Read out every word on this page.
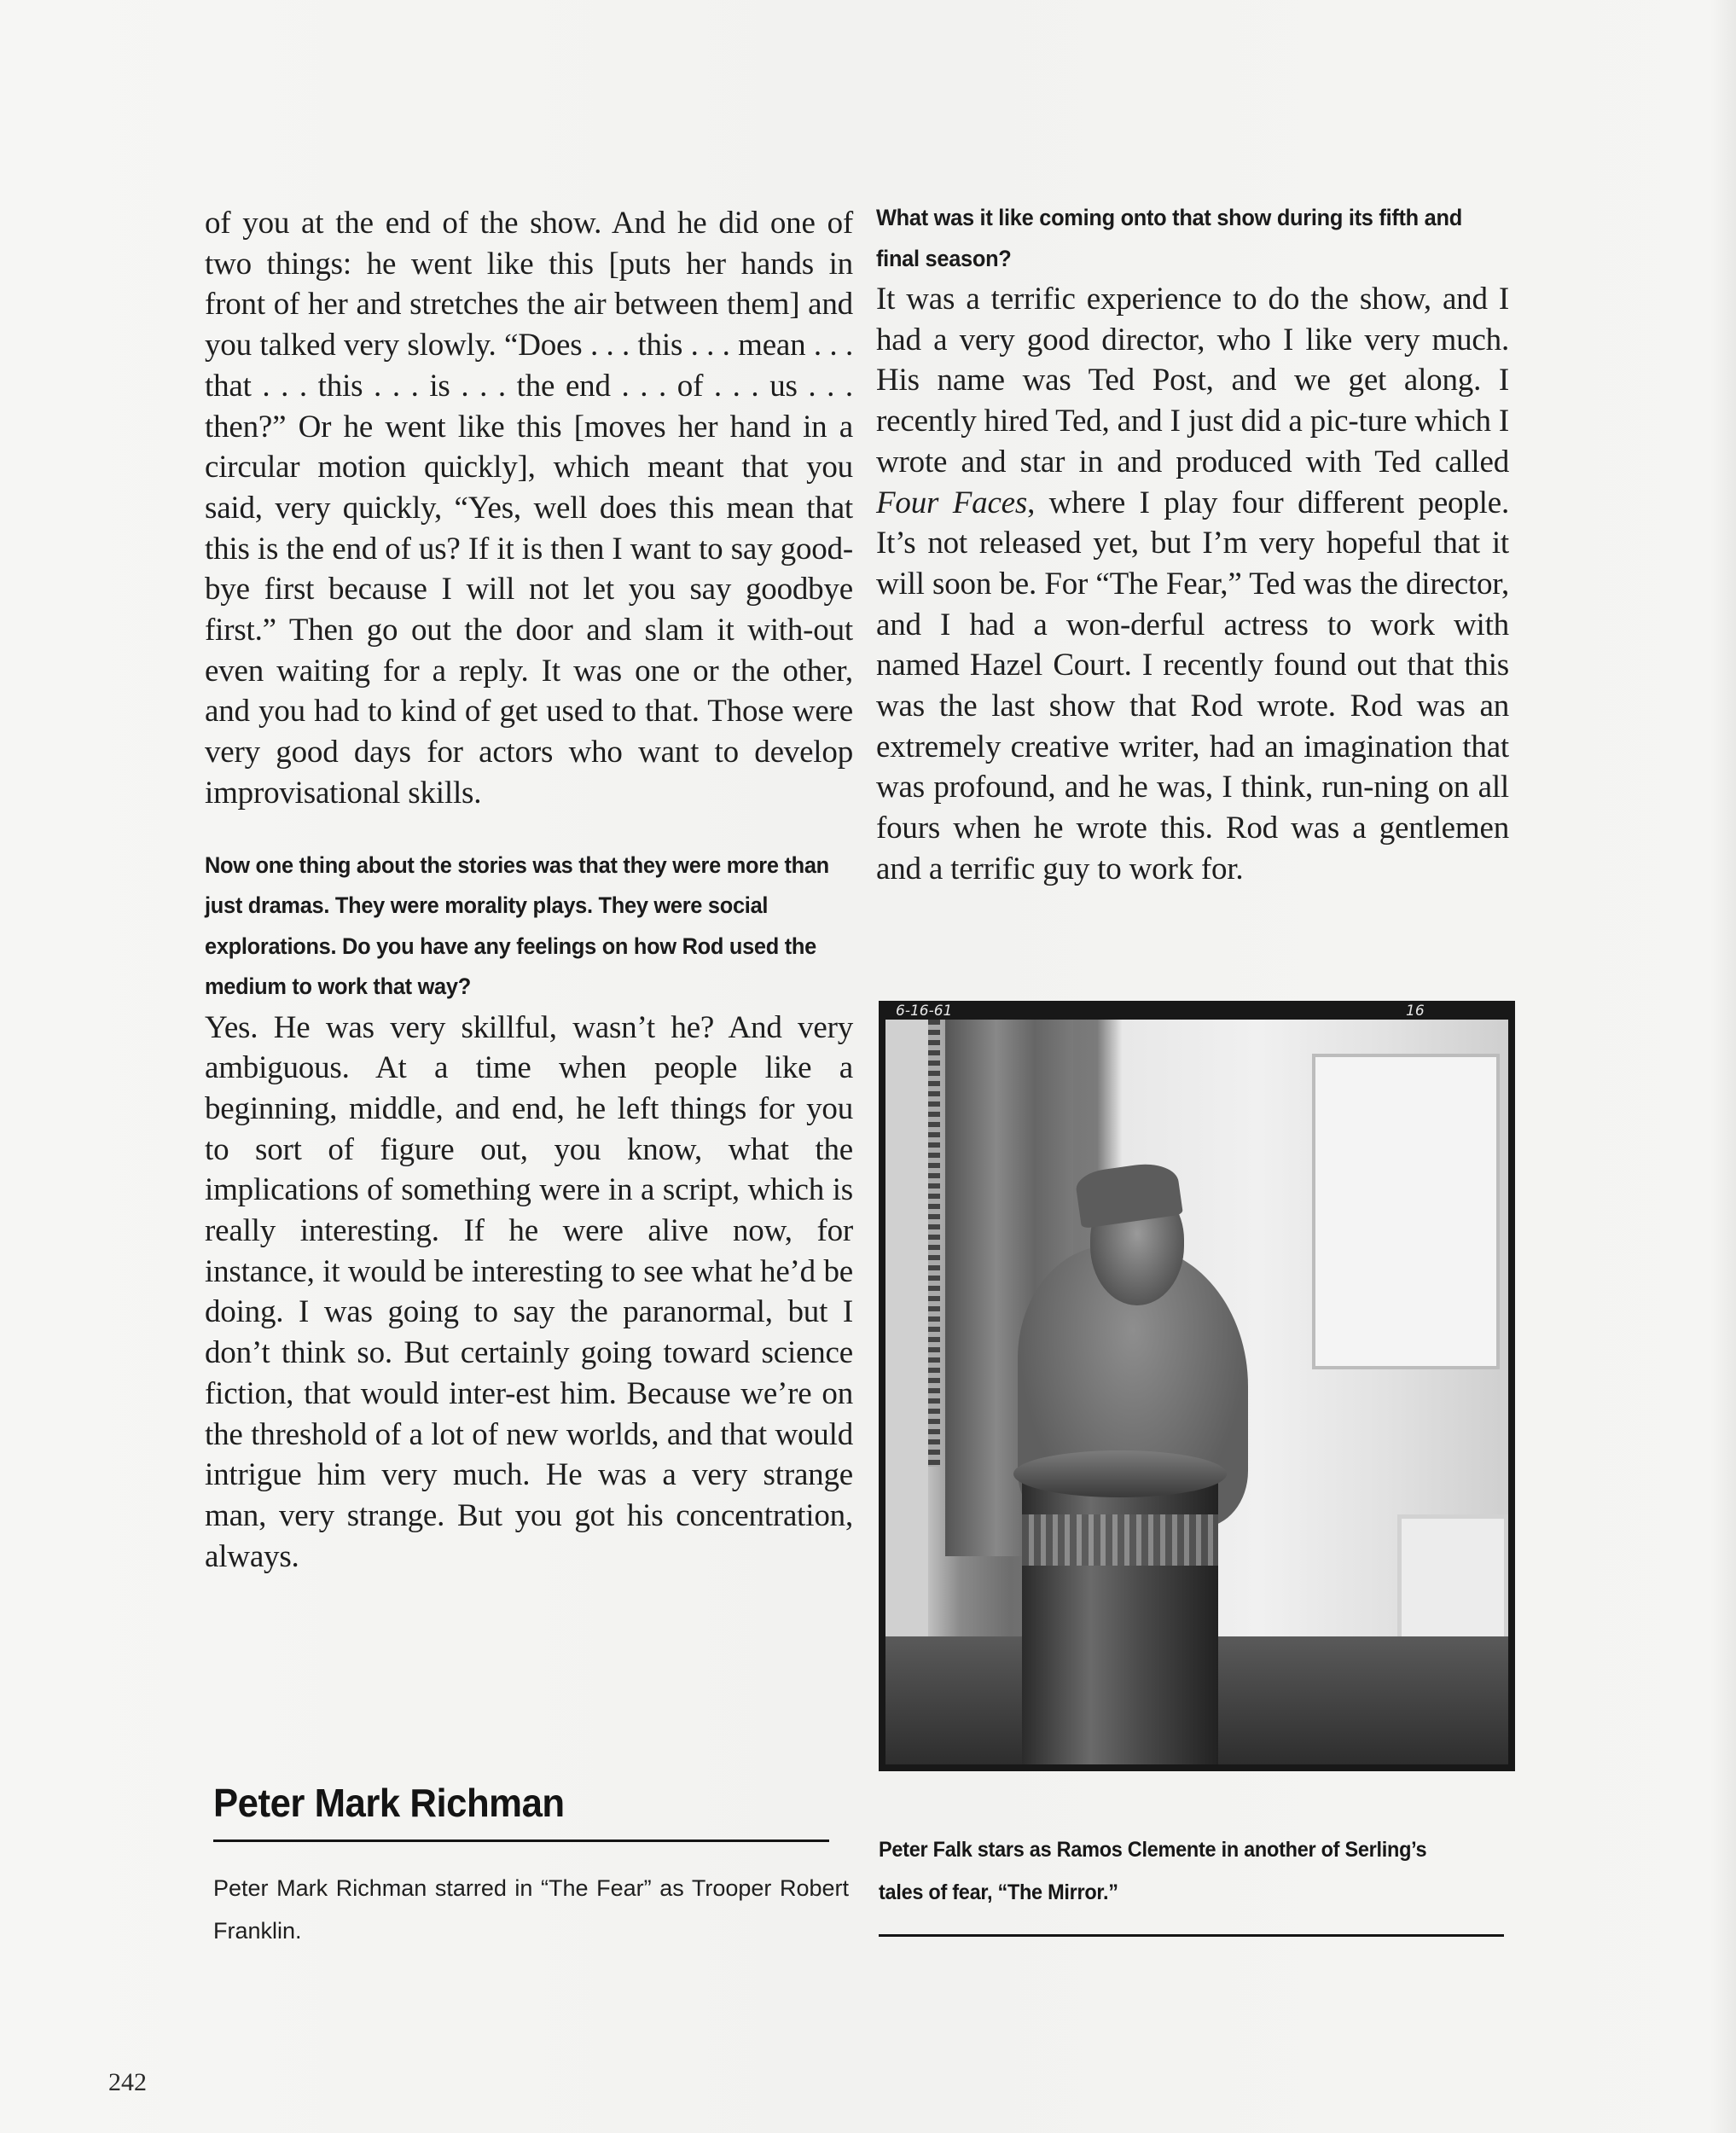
of you at the end of the show. And he did one of two things: he went like this [puts her hands in front of her and stretches the air between them] and you talked very slowly. “Does . . . this . . . mean . . . that . . . this . . . is . . . the end . . . of . . . us . . . then?” Or he went like this [moves her hand in a circular motion quickly], which meant that you said, very quickly, “Yes, well does this mean that this is the end of us? If it is then I want to say good-bye first because I will not let you say goodbye first.” Then go out the door and slam it with-out even waiting for a reply. It was one or the other, and you had to kind of get used to that. Those were very good days for actors who want to develop improvisational skills.

Now one thing about the stories was that they were more than just dramas. They were morality plays. They were social explorations. Do you have any feelings on how Rod used the medium to work that way?

Yes. He was very skillful, wasn’t he? And very ambiguous. At a time when people like a beginning, middle, and end, he left things for you to sort of figure out, you know, what the implications of something were in a script, which is really interesting. If he were alive now, for instance, it would be interesting to see what he’d be doing. I was going to say the paranormal, but I don’t think so. But certainly going toward science fiction, that would inter-est him. Because we’re on the threshold of a lot of new worlds, and that would intrigue him very much. He was a very strange man, very strange. But you got his concentration, always.

What was it like coming onto that show during its fifth and final season?

It was a terrific experience to do the show, and I had a very good director, who I like very much. His name was Ted Post, and we get along. I recently hired Ted, and I just did a pic-ture which I wrote and star in and produced with Ted called Four Faces, where I play four different people. It’s not released yet, but I’m very hopeful that it will soon be. For “The Fear,” Ted was the director, and I had a won-derful actress to work with named Hazel Court. I recently found out that this was the last show that Rod wrote. Rod was an extremely creative writer, had an imagination that was profound, and he was, I think, run-ning on all fours when he wrote this. Rod was a gentlemen and a terrific guy to work for.

6-16-61	16

Peter Falk stars as Ramos Clemente in another of Serling’s tales of fear, “The Mirror.”

Peter Mark Richman

Peter Mark Richman starred in “The Fear” as Trooper Robert Franklin.

242
